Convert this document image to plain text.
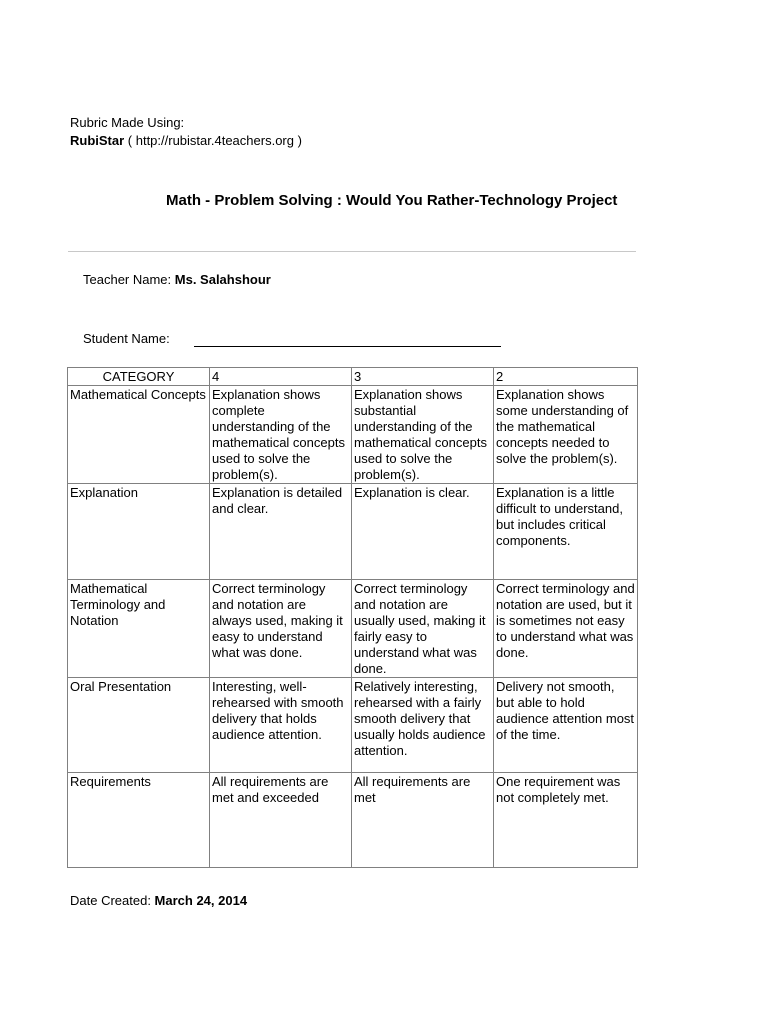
Rubric Made Using:
RubiStar ( http://rubistar.4teachers.org )
Math - Problem Solving : Would You Rather-Technology Project
Teacher Name: Ms. Salahshour
Student Name:
CATEGORY	4	3	2
Mathematical Concepts	Explanation shows complete understanding of the mathematical concepts used to solve the problem(s).	Explanation shows substantial understanding of the mathematical concepts used to solve the problem(s).	Explanation shows some understanding of the mathematical concepts needed to solve the problem(s).
Explanation	Explanation is detailed and clear.	Explanation is clear.	Explanation is a little difficult to understand, but includes critical components.
Mathematical Terminology and Notation	Correct terminology and notation are always used, making it easy to understand what was done.	Correct terminology and notation are usually used, making it fairly easy to understand what was done.	Correct terminology and notation are used, but it is sometimes not easy to understand what was done.
Oral Presentation	Interesting, well-rehearsed with smooth delivery that holds audience attention.	Relatively interesting, rehearsed with a fairly smooth delivery that usually holds audience attention.	Delivery not smooth, but able to hold audience attention most of the time.
Requirements	All requirements are met and exceeded	All requirements are met	One requirement was not completely met.
Date Created: March 24, 2014
